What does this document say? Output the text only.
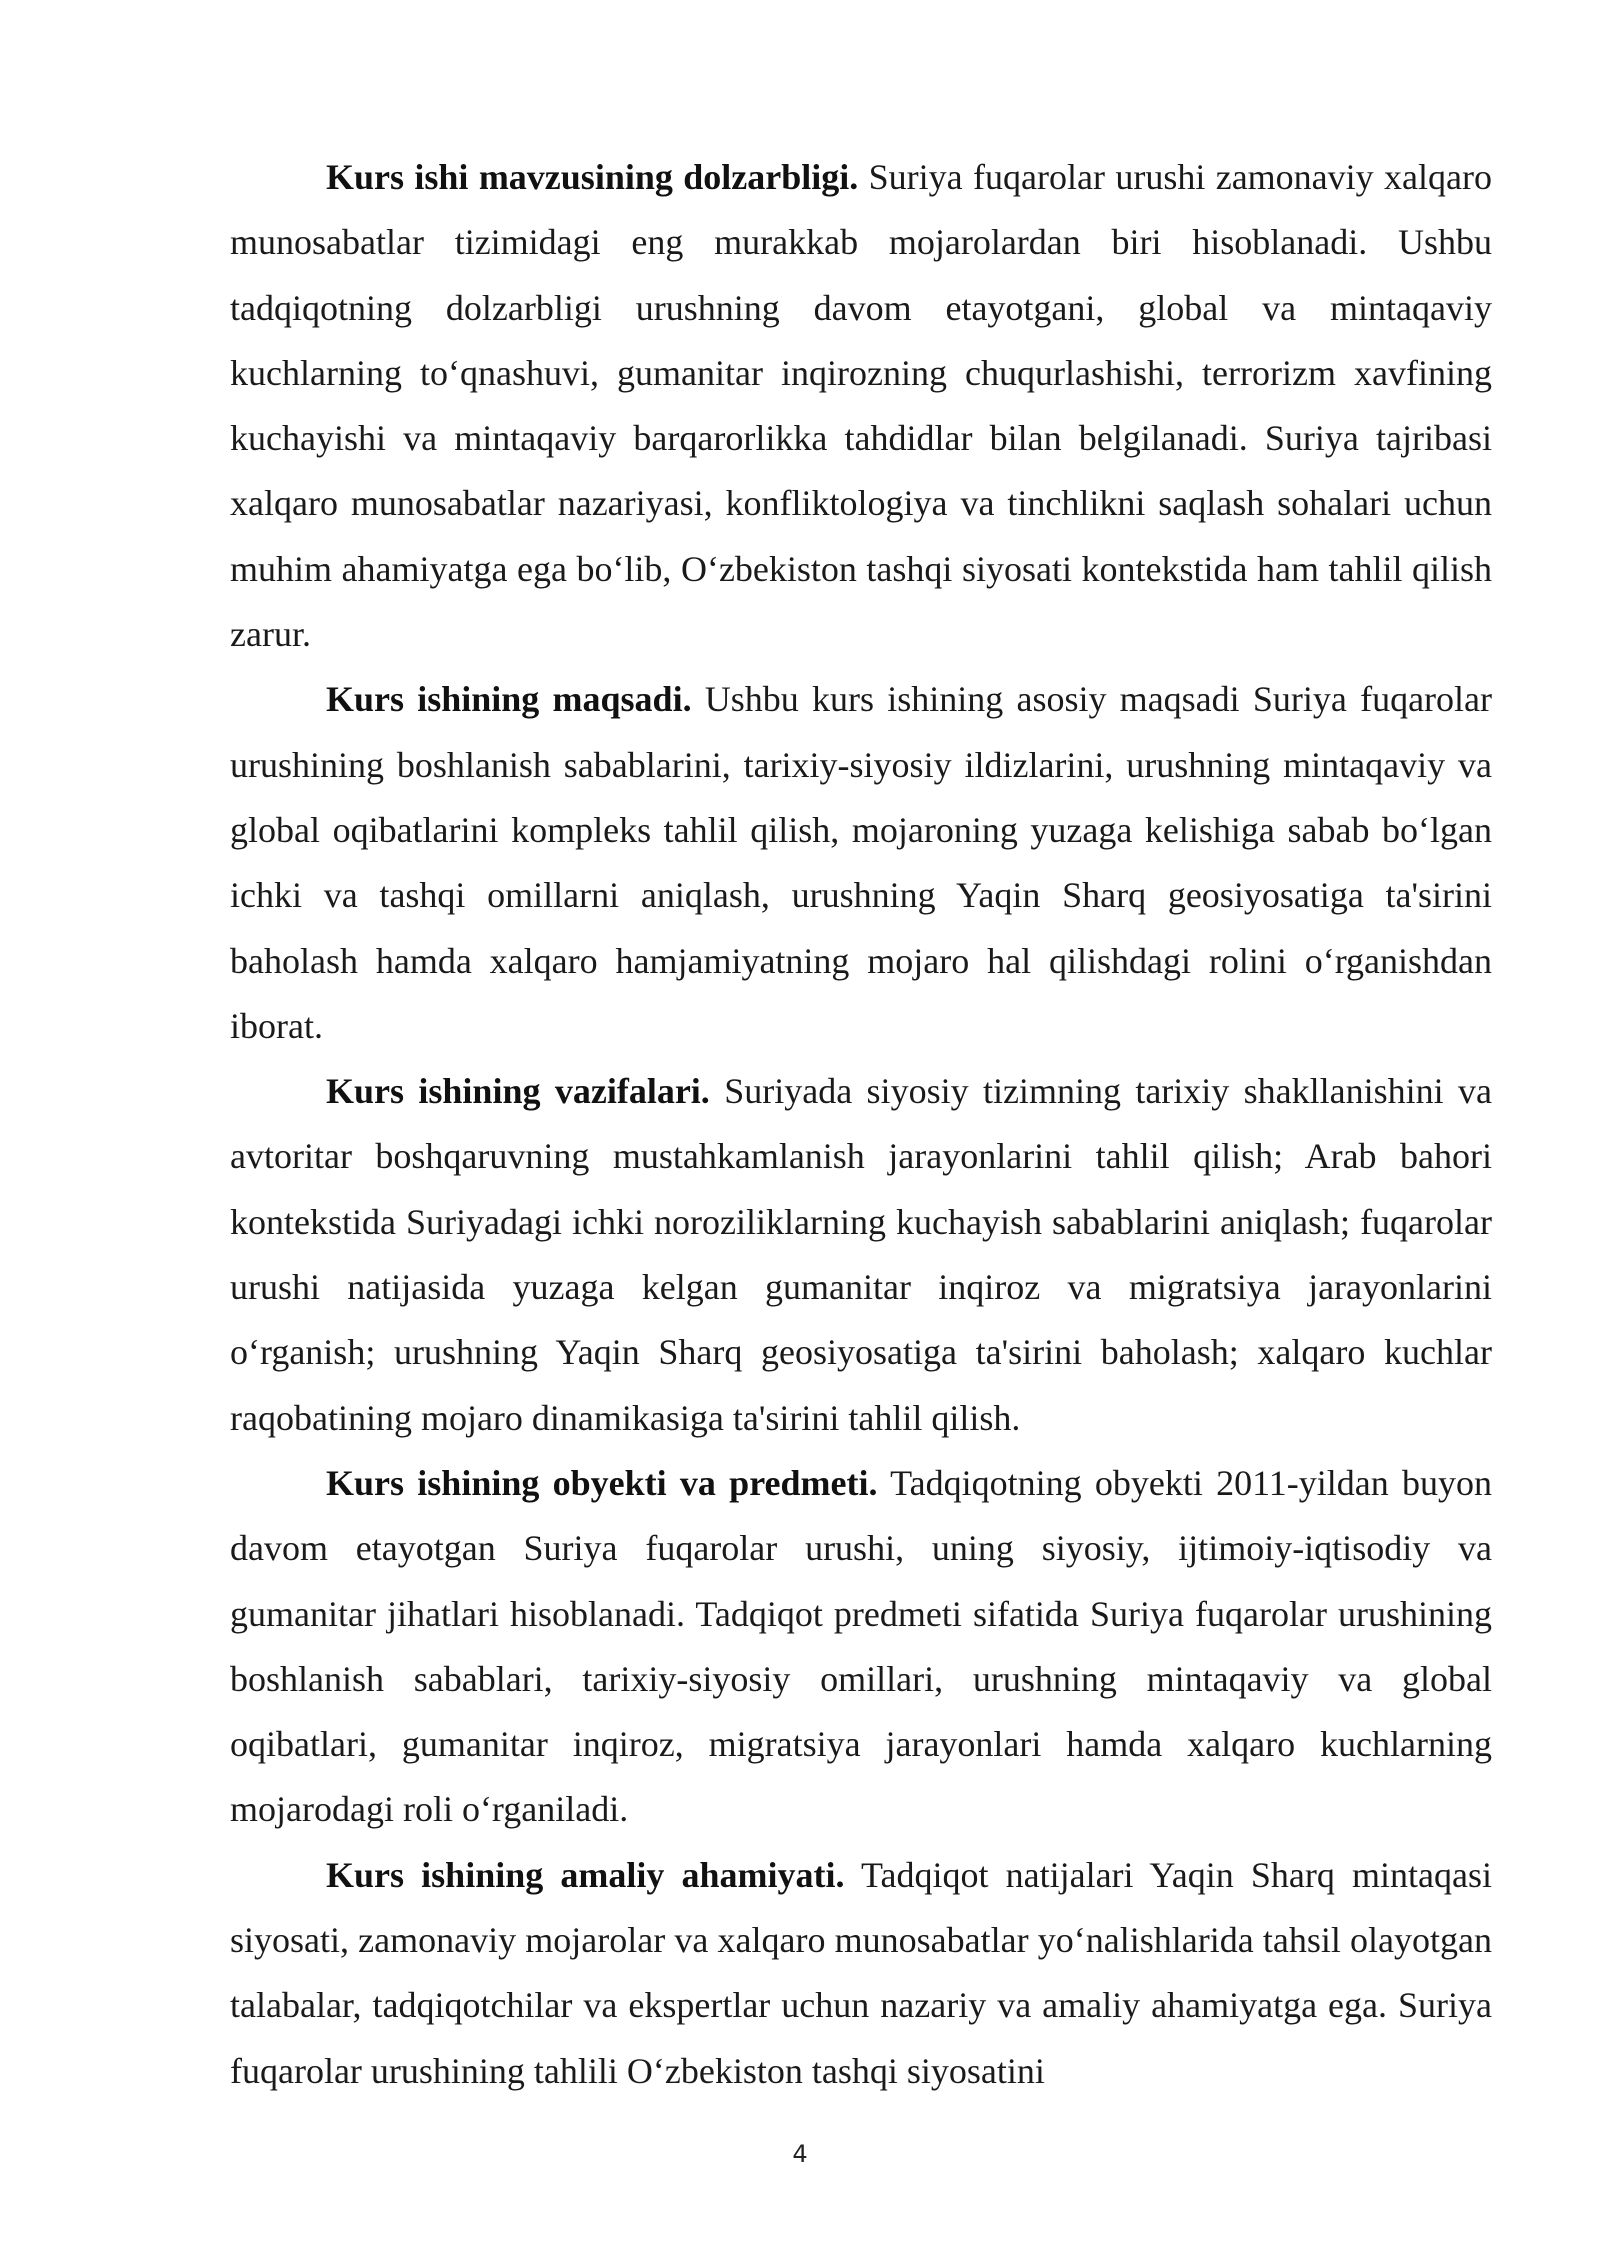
Kurs ishi mavzusining dolzarbligi. Suriya fuqarolar urushi zamonaviy xalqaro munosabatlar tizimidagi eng murakkab mojarolardan biri hisoblanadi. Ushbu tadqiqotning dolzarbligi urushning davom etayotgani, global va mintaqaviy kuchlarning to‘qnashuvi, gumanitar inqirozning chuqurlashishi, terrorizm xavfining kuchayishi va mintaqaviy barqarorlikka tahdidlar bilan belgilanadi. Suriya tajribasi xalqaro munosabatlar nazariyasi, konfliktologiya va tinchlikni saqlash sohalari uchun muhim ahamiyatga ega bo‘lib, O‘zbekiston tashqi siyosati kontekstida ham tahlil qilish zarur.

Kurs ishining maqsadi. Ushbu kurs ishining asosiy maqsadi Suriya fuqarolar urushining boshlanish sabablarini, tarixiy-siyosiy ildizlarini, urushning mintaqaviy va global oqibatlarini kompleks tahlil qilish, mojaroning yuzaga kelishiga sabab bo‘lgan ichki va tashqi omillarni aniqlash, urushning Yaqin Sharq geosiyosatiga ta'sirini baholash hamda xalqaro hamjamiyatning mojaro hal qilishdagi rolini o‘rganishdan iborat.

Kurs ishining vazifalari. Suriyada siyosiy tizimning tarixiy shakllanishini va avtoritar boshqaruvning mustahkamlanish jarayonlarini tahlil qilish; Arab bahori kontekstida Suriyadagi ichki noroziliklarning kuchayish sabablarini aniqlash; fuqarolar urushi natijasida yuzaga kelgan gumanitar inqiroz va migratsiya jarayonlarini o‘rganish; urushning Yaqin Sharq geosiyosatiga ta'sirini baholash; xalqaro kuchlar raqobatining mojaro dinamikasiga ta'sirini tahlil qilish.

Kurs ishining obyekti va predmeti. Tadqiqotning obyekti 2011-yildan buyon davom etayotgan Suriya fuqarolar urushi, uning siyosiy, ijtimoiy-iqtisodiy va gumanitar jihatlari hisoblanadi. Tadqiqot predmeti sifatida Suriya fuqarolar urushining boshlanish sabablari, tarixiy-siyosiy omillari, urushning mintaqaviy va global oqibatlari, gumanitar inqiroz, migratsiya jarayonlari hamda xalqaro kuchlarning mojarodagi roli o‘rganiladi.

Kurs ishining amaliy ahamiyati. Tadqiqot natijalari Yaqin Sharq mintaqasi siyosati, zamonaviy mojarolar va xalqaro munosabatlar yo‘nalishlarida tahsil olayotgan talabalar, tadqiqotchilar va ekspertlar uchun nazariy va amaliy ahamiyatga ega. Suriya fuqarolar urushining tahlili O‘zbekiston tashqi siyosatini

4
